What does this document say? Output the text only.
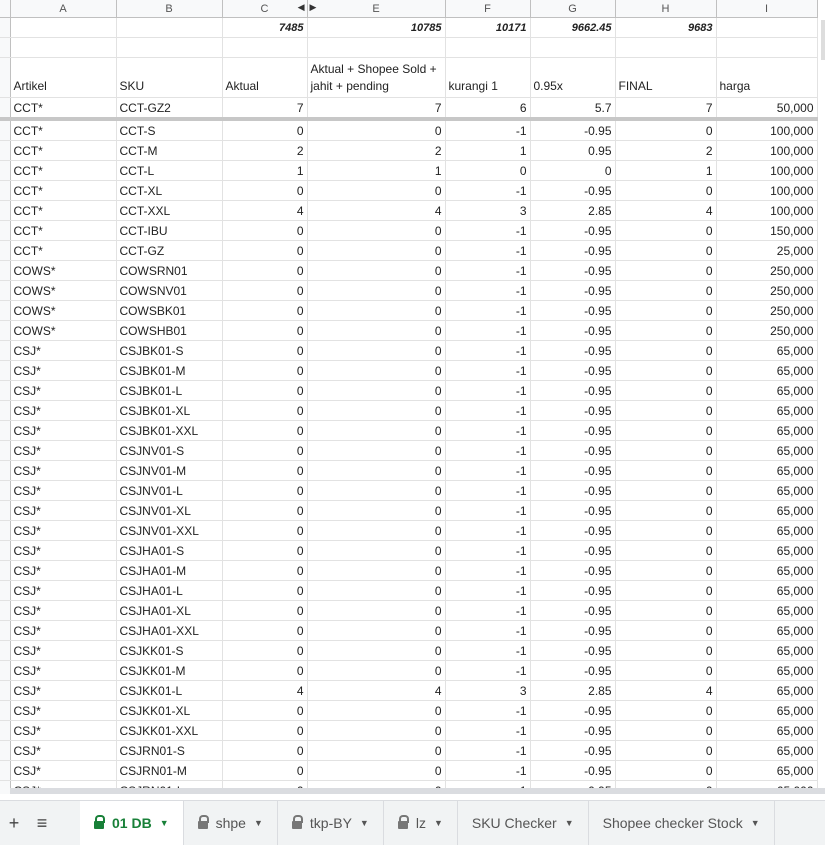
	A	B	C ◀	▶ E	F	G	H	I
			7485	10785	10171	9662.45	9683	

	Artikel	SKU	Aktual	Aktual + Shopee Sold + jahit + pending	kurangi 1	0.95x	FINAL	harga
	CCT*	CCT-GZ2	7	7	6	5.7	7	50,000
	CCT*	CCT-S	0	0	-1	-0.95	0	100,000
	CCT*	CCT-M	2	2	1	0.95	2	100,000
	CCT*	CCT-L	1	1	0	0	1	100,000
	CCT*	CCT-XL	0	0	-1	-0.95	0	100,000
	CCT*	CCT-XXL	4	4	3	2.85	4	100,000
	CCT*	CCT-IBU	0	0	-1	-0.95	0	150,000
	CCT*	CCT-GZ	0	0	-1	-0.95	0	25,000
	COWS*	COWSRN01	0	0	-1	-0.95	0	250,000
	COWS*	COWSNV01	0	0	-1	-0.95	0	250,000
	COWS*	COWSBK01	0	0	-1	-0.95	0	250,000
	COWS*	COWSHB01	0	0	-1	-0.95	0	250,000
	CSJ*	CSJBK01-S	0	0	-1	-0.95	0	65,000
	CSJ*	CSJBK01-M	0	0	-1	-0.95	0	65,000
	CSJ*	CSJBK01-L	0	0	-1	-0.95	0	65,000
	CSJ*	CSJBK01-XL	0	0	-1	-0.95	0	65,000
	CSJ*	CSJBK01-XXL	0	0	-1	-0.95	0	65,000
	CSJ*	CSJNV01-S	0	0	-1	-0.95	0	65,000
	CSJ*	CSJNV01-M	0	0	-1	-0.95	0	65,000
	CSJ*	CSJNV01-L	0	0	-1	-0.95	0	65,000
	CSJ*	CSJNV01-XL	0	0	-1	-0.95	0	65,000
	CSJ*	CSJNV01-XXL	0	0	-1	-0.95	0	65,000
	CSJ*	CSJHA01-S	0	0	-1	-0.95	0	65,000
	CSJ*	CSJHA01-M	0	0	-1	-0.95	0	65,000
	CSJ*	CSJHA01-L	0	0	-1	-0.95	0	65,000
	CSJ*	CSJHA01-XL	0	0	-1	-0.95	0	65,000
	CSJ*	CSJHA01-XXL	0	0	-1	-0.95	0	65,000
	CSJ*	CSJKK01-S	0	0	-1	-0.95	0	65,000
	CSJ*	CSJKK01-M	0	0	-1	-0.95	0	65,000
	CSJ*	CSJKK01-L	4	4	3	2.85	4	65,000
	CSJ*	CSJKK01-XL	0	0	-1	-0.95	0	65,000
	CSJ*	CSJKK01-XXL	0	0	-1	-0.95	0	65,000
	CSJ*	CSJRN01-S	0	0	-1	-0.95	0	65,000
	CSJ*	CSJRN01-M	0	0	-1	-0.95	0	65,000

+ ≡	01 DB ▼	shpe ▼	tkp-BY ▼	lz ▼ SKU Checker ▼ Shopee checker Stock ▼
